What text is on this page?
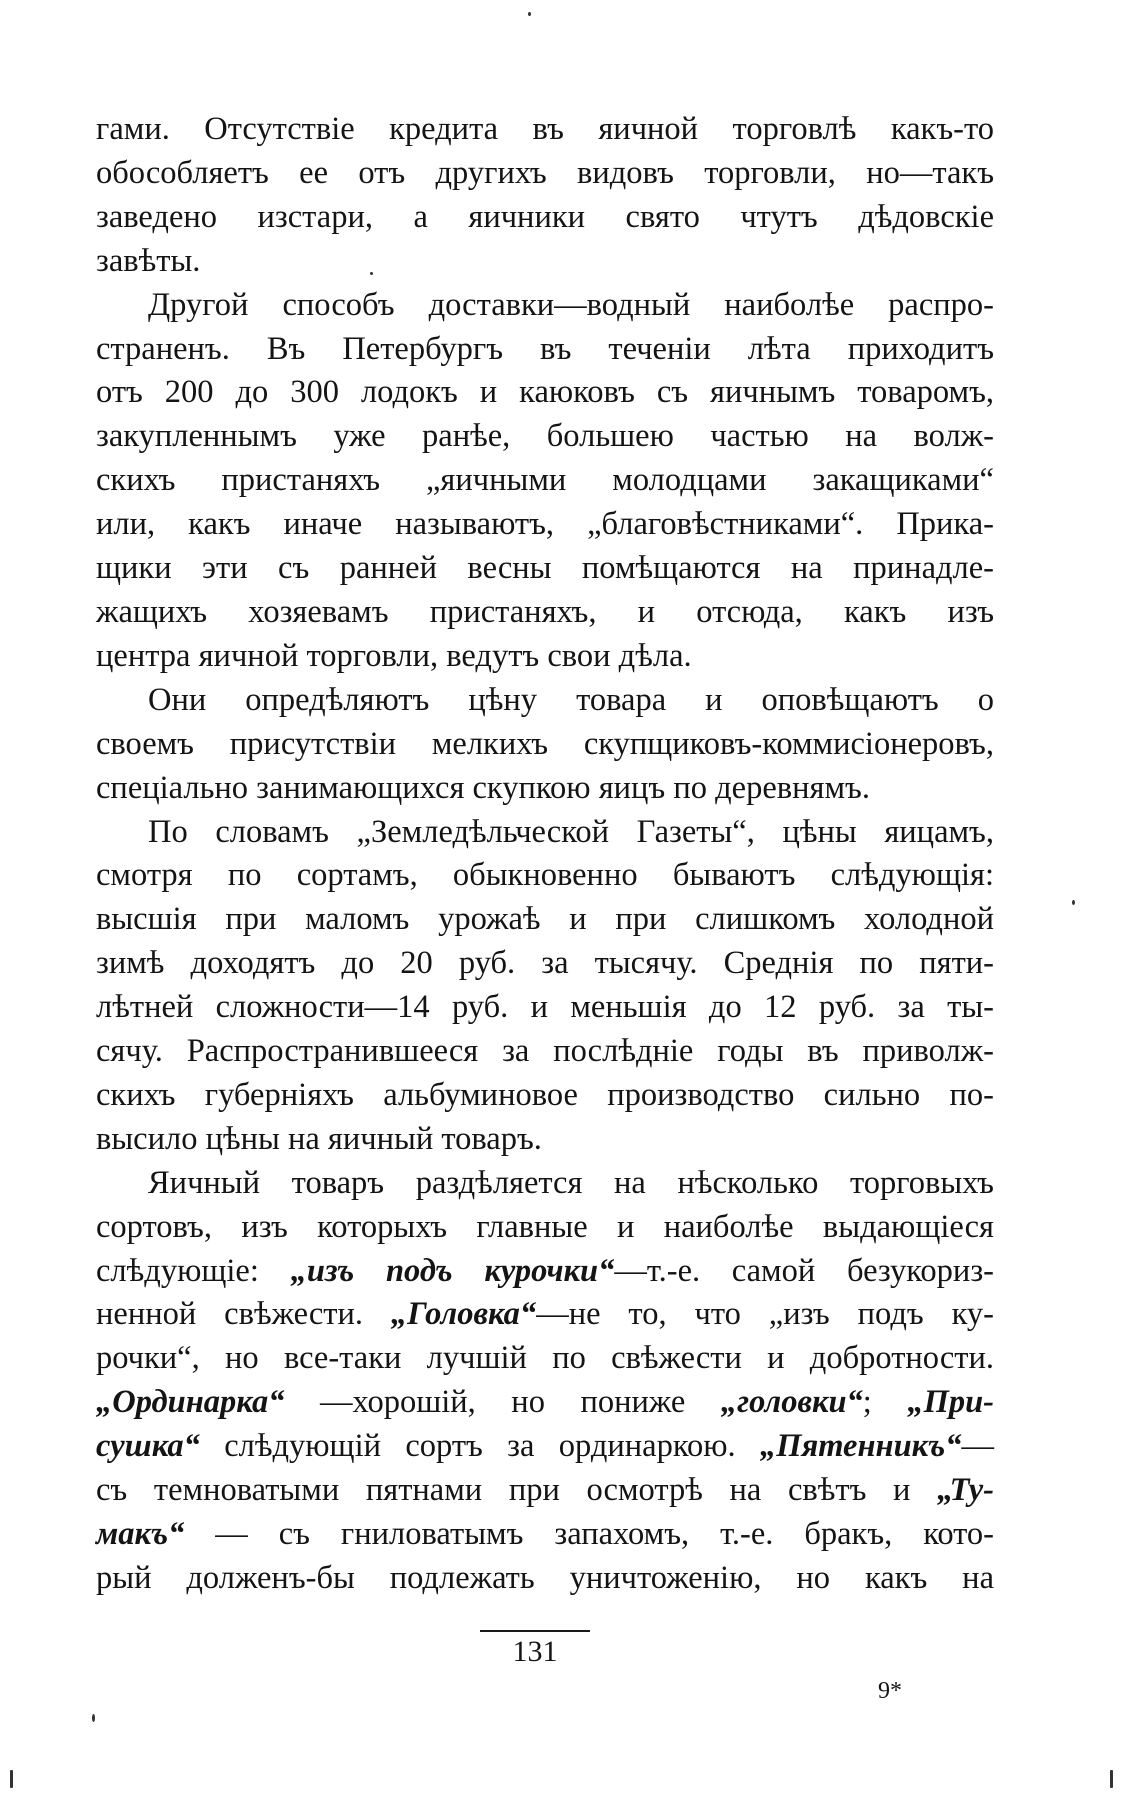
гами. Отсутствіе кредита въ яичной торговлѣ какъ-то
обособляетъ ее отъ другихъ видовъ торговли, но—такъ
заведено изстари, а яичники свято чтутъ дѣдовскіе
завѣты.
Другой способъ доставки—водный наиболѣе распро-
страненъ. Въ Петербургъ въ теченіи лѣта приходитъ
отъ 200 до 300 лодокъ и каюковъ съ яичнымъ товаромъ,
закупленнымъ уже ранѣе, большею частью на волж-
скихъ пристаняхъ „яичными молодцами закащиками“
или, какъ иначе называютъ, „благовѣстниками“. Прика-
щики эти съ ранней весны помѣщаются на принадле-
жащихъ хозяевамъ пристаняхъ, и отсюда, какъ изъ
центра яичной торговли, ведутъ свои дѣла.
Они опредѣляютъ цѣну товара и оповѣщаютъ о
своемъ присутствіи мелкихъ скупщиковъ-коммисіонеровъ,
спеціально занимающихся скупкою яицъ по деревнямъ.
По словамъ „Земледѣльческой Газеты“, цѣны яицамъ,
смотря по сортамъ, обыкновенно бываютъ слѣдующія:
высшія при маломъ урожаѣ и при слишкомъ холодной
зимѣ доходятъ до 20 руб. за тысячу. Среднія по пяти-
лѣтней сложности—14 руб. и меньшія до 12 руб. за ты-
сячу. Распространившееся за послѣдніе годы въ приволж-
скихъ губерніяхъ альбуминовое производство сильно по-
высило цѣны на яичный товаръ.
Яичный товаръ раздѣляется на нѣсколько торговыхъ
сортовъ, изъ которыхъ главные и наиболѣе выдающіеся
слѣдующіе: „изъ подъ курочки“—т.-е. самой безукориз-
ненной свѣжести. „Головка“—не то, что „изъ подъ ку-
рочки“, но все-таки лучшій по свѣжести и добротности.
„Ординарка“ —хорошій, но пониже „головки“; „При-
сушка“ слѣдующій сортъ за ординаркою. „Пятенникъ“—
съ темноватыми пятнами при осмотрѣ на свѣтъ и „Ту-
макъ“ — съ гниловатымъ запахомъ, т.-е. бракъ, кото-
рый долженъ-бы подлежать уничтоженію, но какъ на
131
9*
